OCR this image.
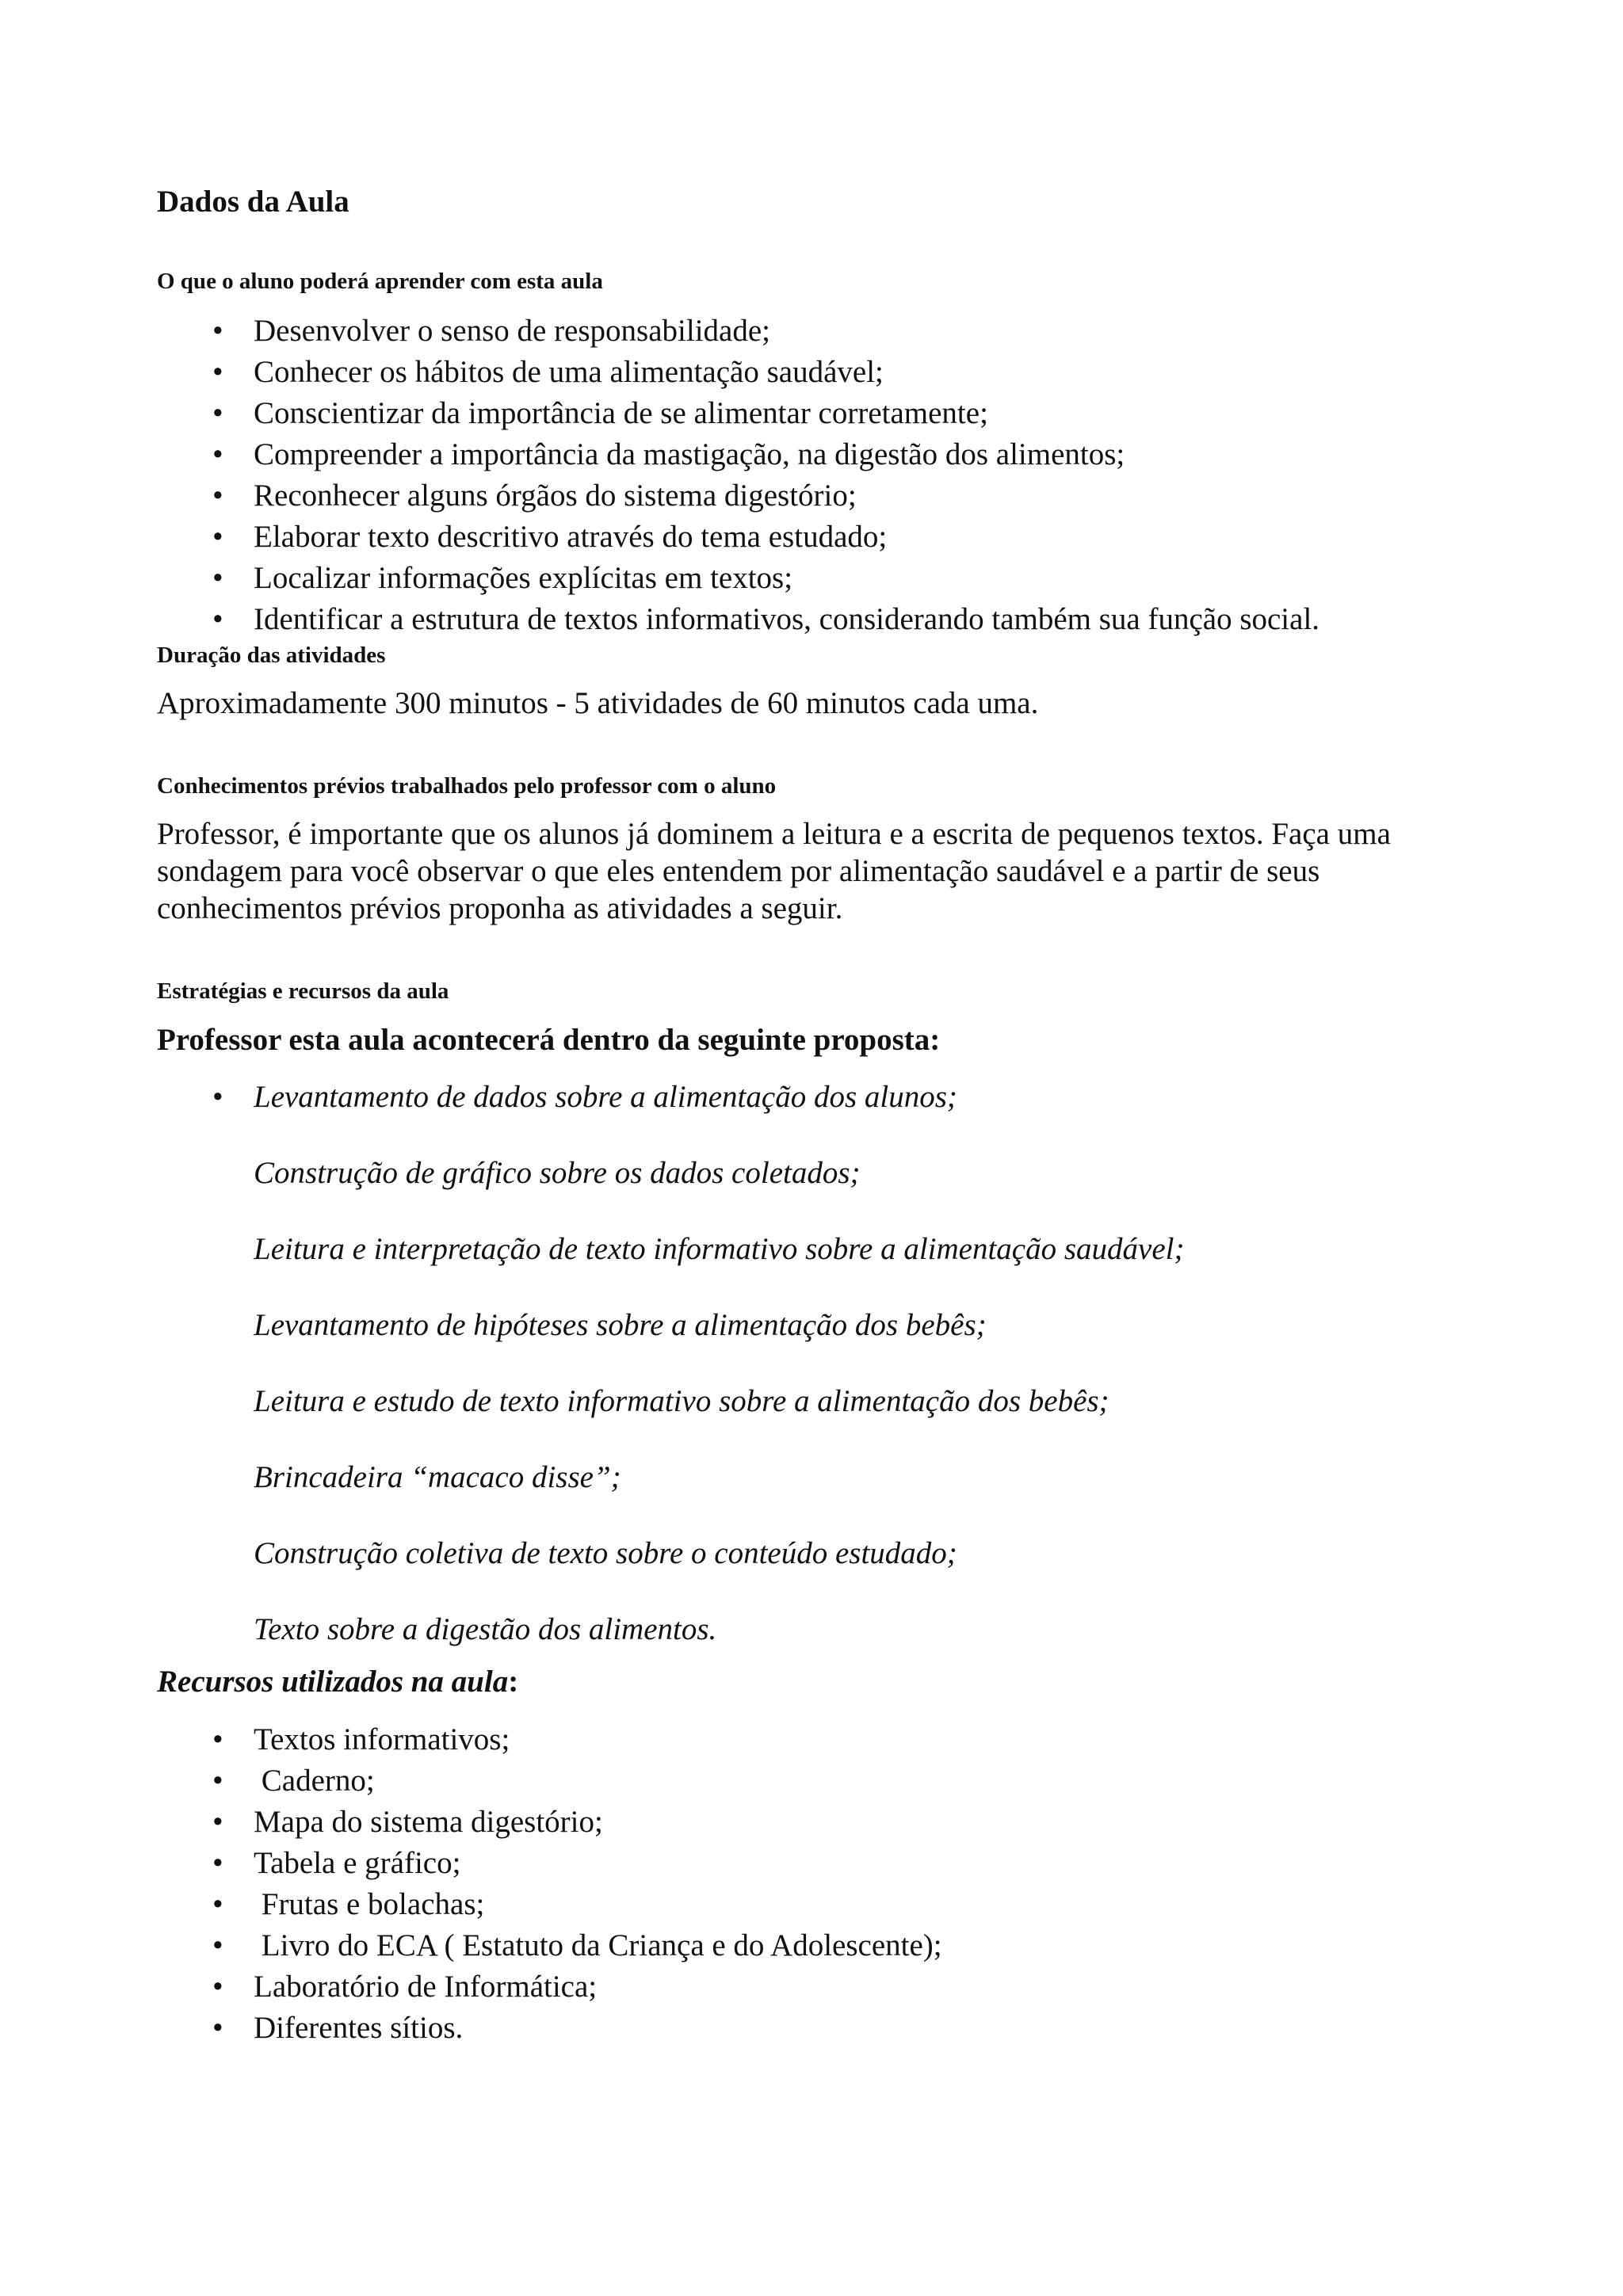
Dados da Aula
O que o aluno poderá aprender com esta aula
• Desenvolver o senso de responsabilidade;
• Conhecer os hábitos de uma alimentação saudável;
• Conscientizar da importância de se alimentar corretamente;
• Compreender a importância da mastigação, na digestão dos alimentos;
• Reconhecer alguns órgãos do sistema digestório;
• Elaborar texto descritivo através do tema estudado;
• Localizar informações explícitas em textos;
• Identificar a estrutura de textos informativos, considerando também sua função social.
Duração das atividades

Aproximadamente 300 minutos - 5 atividades de 60 minutos cada uma.

Conhecimentos prévios trabalhados pelo professor com o aluno

Professor, é importante que os alunos já dominem a leitura e a escrita de pequenos textos. Faça uma sondagem para você observar o que eles entendem por alimentação saudável e a partir de seus conhecimentos prévios proponha as atividades a seguir.

Estratégias e recursos da aula
Professor esta aula acontecerá dentro da seguinte proposta:
• Levantamento de dados sobre a alimentação dos alunos;
Construção de gráfico sobre os dados coletados;
Leitura e interpretação de texto informativo sobre a alimentação saudável;
Levantamento de hipóteses sobre a alimentação dos bebês;
Leitura e estudo de texto informativo sobre a alimentação dos bebês;
Brincadeira “macaco disse”;
Construção coletiva de texto sobre o conteúdo estudado;
Texto sobre a digestão dos alimentos.
Recursos utilizados na aula:
• Textos informativos;
• Caderno;
• Mapa do sistema digestório;
• Tabela e gráfico;
• Frutas e bolachas;
• Livro do ECA ( Estatuto da Criança e do Adolescente);
• Laboratório de Informática;
• Diferentes sítios.
